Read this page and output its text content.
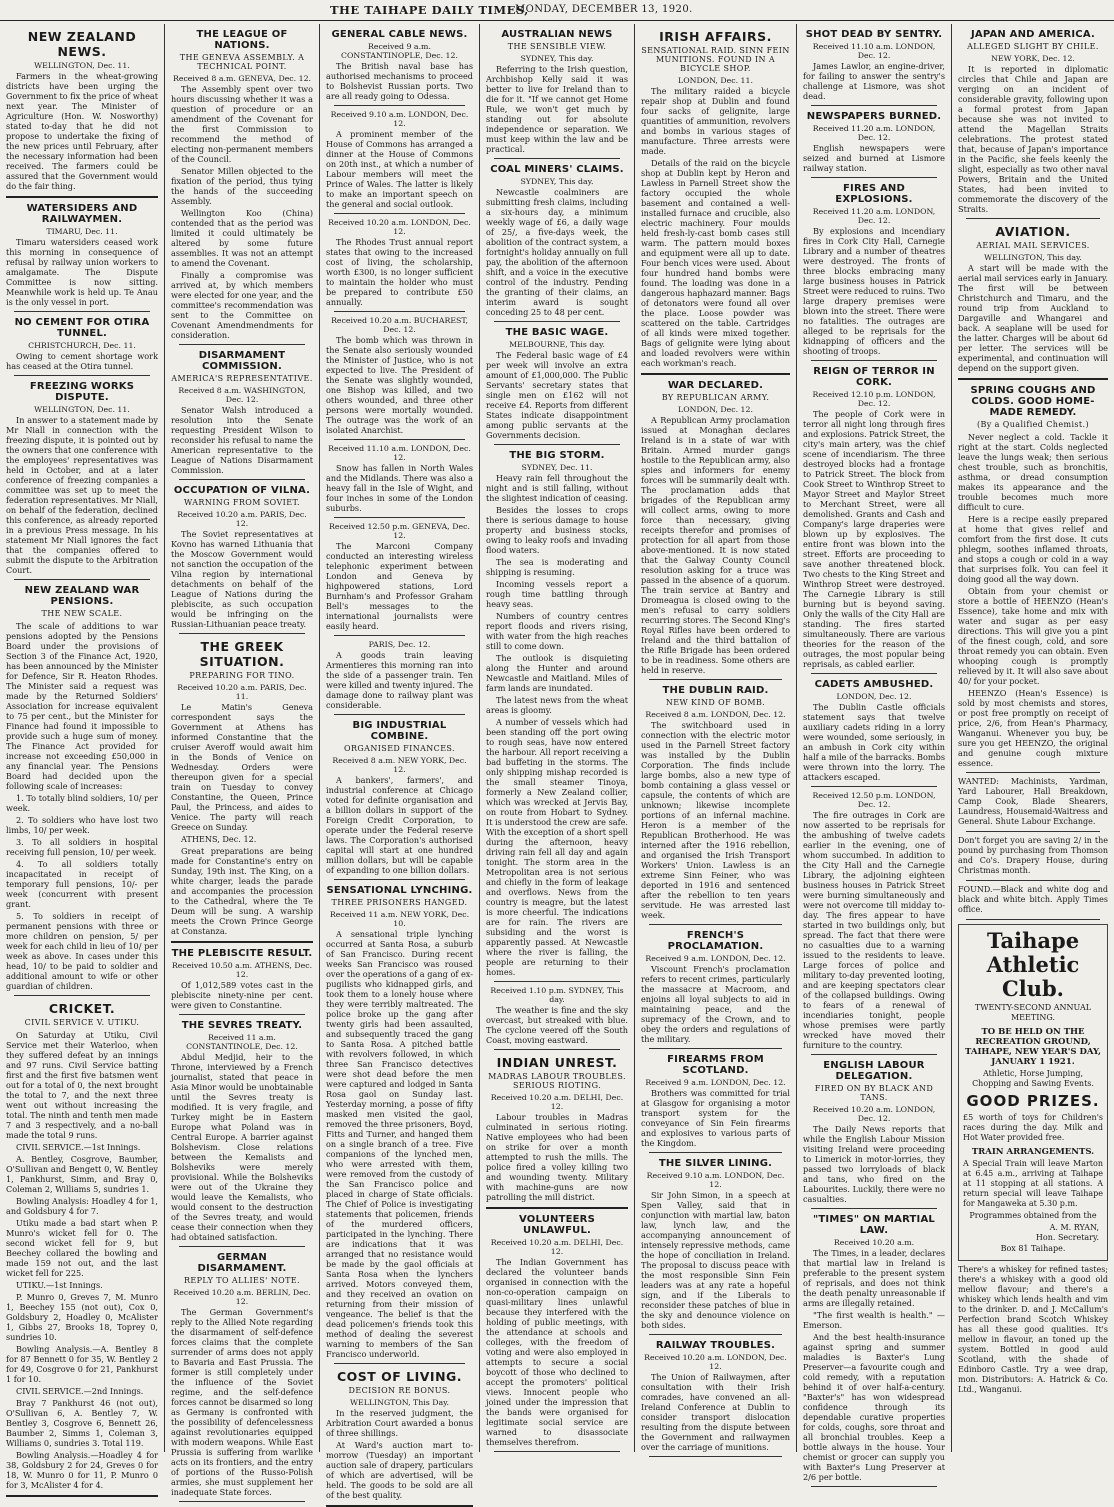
THE TAIHAPE DAILY TIMES,
MONDAY, DECEMBER 13, 1920.
NEW ZEALAND NEWS.
WELLINGTON, Dec. 11.

Farmers in the wheat-growing districts have been urging the Government to fix the price of wheat next year. The Minister of Agriculture (Hon. W. Nosworthy) stated to-day that he did not propose to undertake the fixing of the new prices until February, after the necessary information had been received. The farmers could be assured that the Government would do the fair thing.

WATERSIDERS AND RAILWAYMEN.
TIMARU, Dec. 11.

Timaru watersiders ceased work this morning in consequence of refusal by railway union workers to amalgamate. The Dispute Committee is now sitting. Meanwhile work is held up. Te Anau is the only vessel in port.

NO CEMENT FOR OTIRA TUNNEL.
CHRISTCHURCH, Dec. 11.

Owing to cement shortage work has ceased at the Otira tunnel.

FREEZING WORKS DISPUTE.
WELLINGTON, Dec. 11.

In answer to a statement made by Mr Niall in connection with the freezing dispute, it is pointed out by the owners that one conference with the employees' representatives was held in October, and at a later conference of freezing companies a committee was set up to meet the federation representatives. Mr Niall, on behalf of the federation, declined this conference, as already reported in a previous Press message. In his statement Mr Niall ignores the fact that the companies offered to submit the dispute to the Arbitration Court.

NEW ZEALAND WAR PENSIONS.
THE NEW SCALE.

The scale of additions to war pensions adopted by the Pensions Board under the provisions of Section 3 of the Finance Act, 1920, has been announced by the Minister for Defence, Sir R. Heaton Rhodes. The Minister said a request was made by the Returned Soldiers' Association for increase equivalent to 75 per cent., but the Minister for Finance had found it impossible to provide such a huge sum of money. The Finance Act provided for increase not exceeding £50,000 in any financial year. The Pensions Board had decided upon the following scale of increases:

1. To totally blind soldiers, 10/ per week.

2. To soldiers who have lost two limbs, 10/ per week.

3. To all soldiers in hospital receiving full pension, 10/ per week.

4. To all soldiers totally incapacitated in receipt of temporary full pensions, 10/- per week (concurrent with present grant.

5. To soldiers in receipt of permanent pensions with three or more children on pension, 5/ per week for each child in lieu of 10/ per week as above. In cases under this head, 10/ to be paid to soldier and additional amount to wife or other guardian of children.

CRICKET.
CIVIL SERVICE V. UTIKU.

On Saturday at Utiku, Civil Service met their Waterloo, when they suffered defeat by an innings and 97 runs. Civil Service batting first and the first five batsmen went out for a total of 0, the next brought the total to 7, and the next three went out without increasing the total. The ninth and tenth men made 7 and 3 respectively, and a no-ball made the total 9 runs.

CIVIL SERVICE.—1st Innings.

A. Bentley, Cosgrove, Baumber, O'Sullivan and Bengett 0, W. Bentley 1, Pankhurst, Simm, and Bray 0, Coleman 2, Williams 5, sundries 1.

Bowling Analysis: Hoadley 4 for 1, and Goldsbury 4 for 7.

Utiku made a bad start when P. Munro's wicket fell for 0. The second wicket fell for 9, but Beechey collared the bowling and made 159 not out, and the last wicket fell for 225.

UTIKU.—1st Innings.

P. Munro 0, Greves 7, M. Munro 1, Beechey 155 (not out), Cox 0, Goldsbury 2, Hoadley 0, McAlister 1, Gibbs 27, Brooks 18, Toprey 0, sundries 10.

Bowling Analysis.—A. Bentley 8 for 87 Bennett 0 for 35, W. Bentley 2 for 49, Cosgrove 0 for 21, Pankhurst 1 for 10.

CIVIL SERVICE.—2nd Innings.

Bray 7 Pankhurst 46 (not out), O'Sullivan 6, A. Bentley 7, W. Bentley 3, Cosgrove 6, Bennett 26, Baumber 2, Simms 1, Coleman 3, Williams 0, sundries 3. Total 119.

Bowling Analysis.—Hoadley 4 for 38, Goldsbury 2 for 24, Greves 0 for 18, W. Munro 0 for 11, P. Munro 0 for 3, McAlister 4 for 4.

THE LEAGUE OF NATIONS.
THE GENEVA ASSEMBLY. A TECHNICAL POINT.
Received 8 a.m. GENEVA, Dec. 12.

The Assembly spent over two hours discussing whether it was a question of procedure or an amendment of the Covenant for the first Commission to recommend the method of electing non-permanent members of the Council.

Senator Millen objected to the fixation of the period, thus tying the hands of the succeeding Assembly.

Wellington Koo (China) contended that as the period was limited it could ultimately be altered by some future assemblies. It was not an attempt to amend the Covenant.

Finally a compromise was arrived at, by which members were elected for one year, and the committee's recommendation was sent to the Committee on Covenant Amendmendments for consideration.

DISARMAMENT COMMISSION.
AMERICA'S REPRESENTATIVE.
Received 8 a.m. WASHINGTON, Dec. 12.

Senator Walsh introduced a resolution into the Senate requesting President Wilson to reconsider his refusal to name the American representative to the League of Nations Disarmament Commission.

OCCUPATION OF VILNA.
WARNING FROM SOVIET.
Received 10.20 a.m. PARIS, Dec. 12.

The Soviet representatives at Kovno has warned Lithuania that the Moscow Government would not sanction the occupation of the Vilna region by international detachments on behalf of the League of Nations during the plebiscite, as such occupation would be infringing on the Russian-Lithuanian peace treaty.

THE GREEK SITUATION.
PREPARING FOR TINO.
Received 10.20 a.m. PARIS, Dec. 11.

Le Matin's Geneva correspondent says the Government at Athens has informed Constantine that the cruiser Averoff would await him in the Bonds of Venice on Wednesday. Orders were thereupon given for a special train on Tuesday to convey Constantine, the Queen, Prince Paul, the Princess, and aides to Venice. The party will reach Greece on Sunday.

ATHENS, Dec. 12.

Great preparations are being made for Constantine's entry on Sunday, 19th inst. The King, on a white charger, leads the parade and accompanies the procession to the Cathedral, where the Te Deum will be sung. A warship meets the Crown Prince George at Constanza.

THE PLEBISCITE RESULT.
Received 10.50 a.m. ATHENS, Dec. 12.

Of 1,012,589 votes cast in the plebiscite ninety-nine per cent. were given to Constantine.

THE SEVRES TREATY.
Received 11 a.m. CONSTANTINOLE, Dec. 12.

Abdul Medjid, heir to the Throne, interviewed by a French journalist, stated that peace in Asia Minor would be unobtainable until the Sevres treaty is modified. It is very fragile, and Turkey might be in Eastern Europe what Poland was in Central Europe. A barrier against Bolshevism. Close relations between the Kemalists and Bolsheviks were merely provisional. While the Bolsheviks were out of the Ukraine they would leave the Kemalists, who would consent to the destruction of the Sevres treaty, and would cease their connection when they had obtained satisfaction.

GERMAN DISARMAMENT.
REPLY TO ALLIES' NOTE.
Received 10.20 a.m. BERLIN, Dec. 12.

The German Government's reply to the Allied Note regarding the disarmament of self-defence forces claims that the complete surrender of arms does not apply to Bavaria and East Prussia. The former is still completely under the influence of the Soviet regime, and the self-defence forces cannot be disarmed so long as Germany is confronted with the possibility of defencelessness against revolutionaries equipped with modern weapons. While East Prussia is suffering from warlike acts on its frontiers, and the entry of portions of the Russo-Polish armies, she must supplement her inadequate State forces.

GENERAL CABLE NEWS.
Received 9 a.m. CONSTANTINOPLE, Dec. 12.

The British naval base has authorised mechanisms to proceed to Bolshevist Russian ports. Two are all ready going to Odessa.

Received 9.10 a.m. LONDON, Dec. 12.

A prominent member of the House of Commons has arranged a dinner at the House of Commons on 20th inst., at which a number of Labour members will meet the Prince of Wales. The latter is likely to make an important speech on the general and social outlook.

Received 10.20 a.m. LONDON, Dec. 12.

The Rhodes Trust annual report states that owing to the increased cost of living, the scholarship, worth £300, is no longer sufficient to maintain the holder who must be prepared to contribute £50 annually.

Received 10.20 a.m. BUCHAREST, Dec. 12.

The bomb which was thrown in the Senate also seriously wounded the Minister of Justice, who is not expected to live. The President of the Senate was slightly wounded, one Bishop was killed, and two others wounded, and three other persons were mortally wounded. The outrage was the work of an isolated Anarchist.

Received 11.10 a.m. LONDON, Dec. 12.

Snow has fallen in North Wales and the Midlands. There was also a heavy fall in the Isle of Wight, and four inches in some of the London suburbs.

Received 12.50 p.m. GENEVA, Dec. 12.

The Marconi Company conducted an interesting wireless telephonic experiment between London and Geneva by highpowered stations, Lord Burnham's and Professor Graham Bell's messages to the international journalists were easily heard.

PARIS, Dec. 12.

A goods train leaving Armentieres this morning ran into the side of a passenger train. Ten were killed and twenty injured. The damage done to railway plant was considerable.

BIG INDUSTRIAL COMBINE.
ORGANISED FINANCES.
Received 8 a.m. NEW YORK, Dec. 12.

A bankers', farmers', and industrial conference at Chicago voted for definite organisation and a billion dollars in support of the Foreign Credit Corporation, to operate under the Federal reserve laws. The Corporation's authorised capital will start at one hundred million dollars, but will be capable of expanding to one billion dollars.

SENSATIONAL LYNCHING.
THREE PRISONERS HANGED.
Received 11 a.m. NEW YORK, Dec. 10.

A sensational triple lynching occurred at Santa Rosa, a suburb of San Francisco. During recent weeks San Francisco was roused over the operations of a gang of ex-pugilists who kidnapped girls, and took them to a lonely house where they were terribly maltreated. The police broke up the gang after twenty girls had been assaulted, and subsequently traced the gang to Santa Rosa. A pitched battle with revolvers followed, in which three San Francisco detectives were shot dead before the men were captured and lodged in Santa Rosa gaol on Sunday last. Yesterday morning, a posse of fifty masked men visited the gaol, removed the three prisoners, Boyd, Fitts and Turner, and hanged them on a single branch of a tree. Five companions of the lynched men, who were arrested with them, were removed from the custody of the San Francisco police and placed in charge of State officials. The Chief of Police is investigating statements that policemen, friends of the murdered officers, participated in the lynching. There are indications that it was arranged that no resistance would be made by the gaol officials at Santa Rosa when the lynchers arrived. Motors conveyed them, and they received an ovation on returning from their mission of vengeance. The belief is that the dead policemen's friends took this method of dealing the severest warning to members of the San Francisco underworld.

COST OF LIVING.
DECISION RE BONUS.
WELLINGTON, This Day.

In the reserved judgment, the Arbitration Court awarded a bonus of three shillings.

At Ward's auction mart to-morrow (Tuesday) an important auction sale of drapery, particulars of which are advertised, will be held. The goods to be sold are all of the best quality.

AUSTRALIAN NEWS
THE SENSIBLE VIEW.
SYDNEY, This day.

Referring to the Irish question, Archbishop Kelly said it was better to live for Ireland than to die for it. "If we cannot get Home Rule, we won't get much by standing out for absolute independence or separation. We must keep within the law and be practical.

COAL MINERS' CLAIMS.
SYDNEY, This day.

Newcastle coalminers are submitting fresh claims, including a six-hours day, a minimum weekly wage of £6, a daily wage of 25/, a five-days week, the abolition of the contract system, a fortnight's holiday annually on full pay, the abolition of the afternoon shift, and a voice in the executive control of the industry. Pending the granting of their claims, an interim award is sought conceding 25 to 48 per cent.

THE BASIC WAGE.
MELBOURNE, This day.

The Federal basic wage of £4 per week will involve an extra amount of £1,000,000. The Public Servants' secretary states that single men on £162 will not receive £4. Reports from different States indicate disappointment among public servants at the Governments decision.

THE BIG STORM.
SYDNEY, Dec. 11.

Heavy rain fell throughout the night and is still falling, without the slightest indication of ceasing.

Besides the losses to crops there is serious damage to house property and business stocks, owing to leaky roofs and invading flood waters.

The sea is moderating and shipping is resuming.

Incoming vessels report a rough time battling through heavy seas.

Numbers of country centres report floods and rivers rising, with water from the high reaches still to come down.

The outlook is disquieting along the Hunter and around Newcastle and Maitland. Miles of farm lands are inundated.

The latest news from the wheat areas is gloomy.

A number of vessels which had been standing off the port owing to rough seas, have now entered the harbour. All report receiving a bad buffeting in the storms. The only shipping mishap recorded is the small steamer Tinoya, formerly a New Zealand collier, which was wrecked at Jervis Bay, on route from Hobart to Sydney. It is understood the crew are safe. With the exception of a short spell during the afternoon, heavy driving rain fell all day and again tonight. The storm area in the Metropolitan area is not serious and chiefly in the form of leakage and overflows. News from the country is meagre, but the latest is more cheerful. The indications are for rain. The rivers are subsiding and the worst is apparently passed. At Newcastle where the river is falling, the people are returning to their homes.

Received 1.10 p.m. SYDNEY, This day.

The weather is fine and the sky overcast, but streaked with blue. The cyclone veered off the South Coast, moving eastward.

INDIAN UNREST.
MADRAS LABOUR TROUBLES. SERIOUS RIOTING.
Received 10.20 a.m. DELHI, Dec. 12.

Labour troubles in Madras culminated in serious rioting. Native employees who had been on strike for over a month attempted to rush the mills. The police fired a volley killing two and wounding twenty. Military with machine-guns are now patrolling the mill district.

VOLUNTEERS UNLAWFUL.
Received 10.20 a.m. DELHI, Dec. 12.

The Indian Government has declared the volunteer bands organised in connection with the non-co-operation campaign on quasi-military lines unlawful because they interfered with the holding of public meetings, with the attendance at schools and colleges, with the freedom of voting and were also employed in attempts to secure a social boycott of those who declined to accept the promoters' political views. Innocent people who joined under the impression that the bands were organised for legitimate social service are warned to disassociate themselves therefrom.

IRISH AFFAIRS.
SENSATIONAL RAID. SINN FEIN MUNITIONS. FOUND IN A BICYCLE SHOP.
LONDON, Dec. 11.

The military raided a bicycle repair shop at Dublin and found four sacks of gelignite, large quantities of ammunition, revolvers and bombs in various stages of manufacture. Three arrests were made.

Details of the raid on the bicycle shop at Dublin kept by Heron and Lawless in Parnell Street show the factory occupied the whole basement and contained a well-installed furnace and crucible, also electric machinery. Four moulds held fresh-ly-cast bomb cases still warm. The pattern mould boxes and equipment were all up to date. Four bench vices were used. About four hundred hand bombs were found. The loading was done in a dangerous haphazard manner. Bags of detonators were found all over the place. Loose powder was scattered on the table. Cartridges of all kinds were mixed together. Bags of gelignite were lying about and loaded revolvers were within each workman's reach.

WAR DECLARED.
BY REPUBLICAN ARMY.
LONDON, Dec. 12.

A Republican Army proclamation issued at Monaghan declares Ireland is in a state of war with Britain. Armed murder gangs hostile to the Republican army, also spies and informers for enemy forces will be summarily dealt with. The proclamation adds that brigades of the Republican army will collect arms, owing to more force than necessary, giving receipts therefor and promises of protection for all apart from those above-mentioned. It is now stated that the Galway County Council resolution asking for a truce was passed in the absence of a quorum. The train service at Bantry and Dromeagua is closed owing to the men's refusal to carry soldiers recurring stores. The Second King's Royal Rifles have been ordered to Ireland and the third battalion of the Rifle Brigade has been ordered to be in readiness. Some others are held in reserve.

THE DUBLIN RAID.
NEW KIND OF BOMB.
Received 8 a.m. LONDON, Dec. 12.

The switchboard used in connection with the electric motor used in the Parnell Street factory was installed by the Dublin Corporation. The finds include large bombs, also a new type of bomb containing a glass vessel or capsule, the contents of which are unknown; likewise incomplete portions of an infernal machine. Heron is a member of the Republican Brotherhood. He was interned after the 1916 rebellion, and organised the Irish Transport Workers' Union. Lawless is an extreme Sinn Feiner, who was deported in 1916 and sentenced after the rebellion to ten years servitude. He was arrested last week.

FRENCH'S PROCLAMATION.
Received 9 a.m. LONDON, Dec. 12.

Viscount French's proclamation refers to recent crimes, particularly the massacre at Macroom, and enjoins all loyal subjects to aid in maintaining peace, and the supremacy of the Crown, and to obey the orders and regulations of the military.

FIREARMS FROM SCOTLAND.
Received 9 a.m. LONDON, Dec. 12.

Brothers was committed for trial at Glasgow for organising a motor transport system for the conveyance of Sin Fein firearms and explosives to various parts of the Kingdom.

THE SILVER LINING.
Received 9.10 a.m. LONDON, Dec. 12.

Sir John Simon, in a speech at Spen Valley, said that in conjunction with martial law, baton law, lynch law, and the accompanying announcement of intensely repressive methods, came the hope of conciliation in Ireland. The proposal to discuss peace with the most responsible Sinn Fein leaders was at any rate a hopeful sign, and if the Liberals to reconsider these patches of blue in the sky and denounce violence on both sides.

RAILWAY TROUBLES.
Received 10.20 a.m. LONDON, Dec. 12.

The Union of Railwaymen, after consultation with their Irish comrades, have convened an all-Ireland Conference at Dublin to consider transport dislocation resulting from the dispute between the Government and railwaymen over the carriage of munitions.

SHOT DEAD BY SENTRY.
Received 11.10 a.m. LONDON, Dec. 12.

James Lawlor, an engine-driver, for failing to answer the sentry's challenge at Lismore, was shot dead.

NEWSPAPERS BURNED.
Received 11.20 a.m. LONDON, Dec. 12.

English newspapers were seized and burned at Lismore railway station.

FIRES AND EXPLOSIONS.
Received 11.20 a.m. LONDON, Dec. 12.

By explosions and incendiary fires in Cork City Hall, Carnegie Library and a number of theatres were destroyed. The fronts of three blocks embracing many large business houses in Patrick Street were reduced to ruins. Two large drapery premises were blown into the street. There were no fatalities. The outrages are alleged to be reprisals for the kidnapping of officers and the shooting of troops.

REIGN OF TERROR IN CORK.
Received 12.10 p.m. LONDON, Dec. 12.

The people of Cork were in terror all night long through fires and explosions. Patrick Street, the city's main artery, was the chief scene of incendiarism. The three destroyed blocks had a frontage to Patrick Street. The block from Cook Street to Winthrop Street to Mayor Street and Maylor Street to Merchant Street, were all demolished. Grants and Cash and Company's large draperies were blown up by explosives. The entire front was blown into the street. Efforts are proceeding to save another threatened block. Two chests to the King Street and Winthrop Street were destroyed. The Carnegie Library is still burning but is beyond saving. Only the walls of the City Hall are standing. The fires started simultaneously. There are various theories for the reason of the outrages, the most popular being reprisals, as cabled earlier.

CADETS AMBUSHED.
LONDON, Dec. 12.

The Dublin Castle officials statement says that twelve auxiliary cadets riding in a lorry were wounded, some seriously, in an ambush in Cork city within half a mile of the barracks. Bombs were thrown into the lorry. The attackers escaped.

Received 12.50 p.m. LONDON, Dec. 12.

The fire outrages in Cork are now asserted to be reprisals for the ambushing of twelve cadets earlier in the evening, one of whom succumbed. In addition to the City Hall and the Carnegie Library, the adjoining eighteen business houses in Patrick Street were burning simultaneously and were not overcome till midday to-day. The fires appear to have started in two buildings only, but spread. The fact that there were no casualties due to a warning issued to the residents to leave. Large forces of police and military to-day prevented looting, and are keeping spectators clear of the collapsed buildings. Owing to fears of a renewal of incendiaries tonight, people whose premises were partly wrecked have moved their furniture to the country.

ENGLISH LABOUR DELEGATION.
FIRED ON BY BLACK AND TANS.
Received 10.20 a.m. LONDON, Dec. 12.

The Daily News reports that while the English Labour Mission visiting Ireland were proceeding to Limerick in motor-lorries, they passed two lorryloads of black and tans, who fired on the Labourites. Luckily, there were no casualties.

"TIMES" ON MARTIAL LAW.
Received 10.20 a.m.

The Times, in a leader, declares that martial law in Ireland is preferable to the present system of reprisals, and does not think the death penalty unreasonable if arms are illegally retained.

"The first wealth is health." —Emerson.

And the best health-insurance against spring and summer maladies is Baxter's Lung Preserver—a favourite cough and cold remedy, with a reputation behind it of over half-a-century. "Baxter's" has won widespread confidence through its dependable curative properties for colds, coughs, sore throat and all bronchial troubles. Keep a bottle always in the house. Your chemist or grocer can supply you with Baxter's Lung Preserver at 2/6 per bottle.

JAPAN AND AMERICA.
ALLEGED SLIGHT BY CHILE.
NEW YORK, Dec. 12.

It is reported in diplomatic circles that Chile and Japan are verging on an incident of considerable gravity, following upon a formal protest from Japan because she was not invited to attend the Magellan Straits celebrations. The protest stated that, because of Japan's importance in the Pacific, she feels keenly the slight, especially as two other naval Powers, Britain and the United States, had been invited to commemorate the discovery of the Straits.

AVIATION.
AERIAL MAIL SERVICES.
WELLINGTON, This day.

A start will be made with the aerial mail services early in January. The first will be between Christchurch and Timaru, and the round trip from Auckland to Dargaville and Whangarei and back. A seaplane will be used for the latter. Charges will be about 6d per letter. The services will be experimental, and continuation will depend on the support given.

SPRING COUGHS AND COLDS. GOOD HOME-MADE REMEDY.
(By a Qualified Chemist.)

Never neglect a cold. Tackle it right at the start. Colds neglected leave the lungs weak; then serious chest trouble, such as bronchitis, asthma, or dread consumption makes its appearance and the trouble becomes much more difficult to cure.

Here is a recipe easily prepared at home that gives relief and comfort from the first dose. It cuts phlegm, soothes inflamed throats, and stops a cough or cold in a way that surprises folk. You can feel it doing good all the way down.

Obtain from your chemist or store a bottle of HEENZO (Hean's Essence), take home and mix with water and sugar as per easy directions. This will give you a pint of the finest cough, cold, and sore throat remedy you can obtain. Even whooping cough is promptly relieved by it. It will also save about 40/ for your pocket.

HEENZO (Hean's Essence) is sold by most chemists and stores, or post free promptly on receipt of price, 2/6, from Hean's Pharmacy, Wanganui. Whenever you buy, be sure you get HEENZO, the original and genuine cough mixture essence.

WANTED: Machinists, Yardman, Yard Labourer, Hall Breakdown, Camp Cook, Blade Shearers, Laundress, Housemaid-Waitress and General. Shute Labour Exchange.
Don't forget you are saving 2/ in the pound by purchasing from Thomson and Co's. Drapery House, during Christmas month.
FOUND.—Black and white dog and black and white bitch. Apply Times office.
Taihape
Athletic Club.
TWENTY-SECOND ANNUAL MEETING.
TO BE HELD ON THE RECREATION GROUND, TAIHAPE, NEW YEAR'S DAY, JANUARY 1 1921.
Athletic, Horse Jumping, Chopping and Sawing Events.
GOOD PRIZES.

£5 worth of toys for Children's races during the day. Milk and Hot Water provided free.

TRAIN ARRANGEMENTS.

A Special Train will leave Marton at 6.45 a.m., arriving at Taihape at 11 stopping at all stations. A return special will leave Taihape for Mangaweka at 5.30 p.m.

Programmes obtained from the
A. M. RYAN,
Hon. Secretary.
Box 81 Taihape.
There's a whiskey for refined tastes; there's a whiskey with a good old mellow flavour; and there's a whiskey which lends health and vim to the drinker. D. and J. McCallum's Perfection brand Scotch Whiskey has all these good qualities. It's mellow in flavour, an toned up the system. Bottled in good auld Scotland, with the shade of Edinboro Castle. Try a wee drap, mon. Distributors: A. Hatrick & Co. Ltd., Wanganui.
